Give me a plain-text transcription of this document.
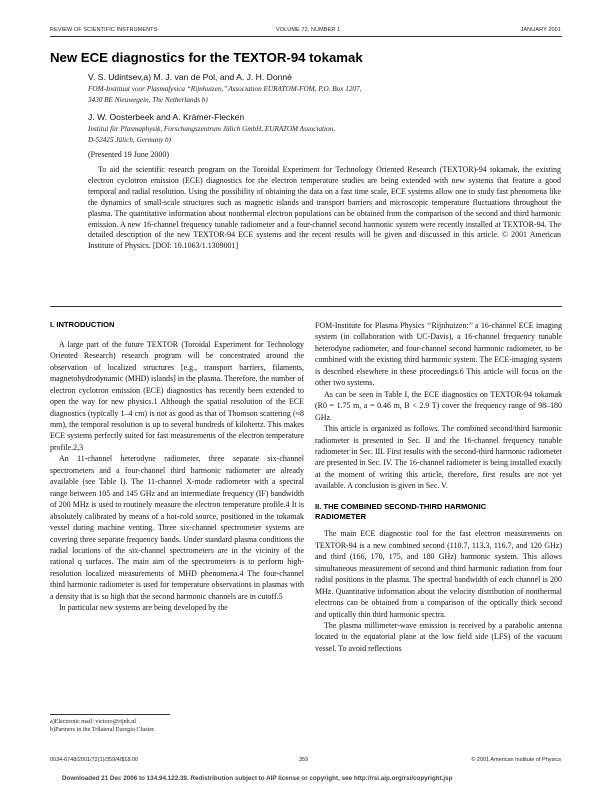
REVIEW OF SCIENTIFIC INSTRUMENTS	VOLUME 72, NUMBER 1	JANUARY 2001
New ECE diagnostics for the TEXTOR-94 tokamak
V. S. Udintsev,a) M. J. van de Pol, and A. J. H. Donné
FOM-Instituut voor Plasmafysica ‘‘Rijnhuizen,’’ Association EURATOM-FOM, P.O. Box 1207,
3430 BE Nieuwegein, The Netherlands b)
J. W. Oosterbeek and A. Krämer-Flecken
Institut für Plasmaphysik, Forschungszentrum Jülich GmbH, EURATOM Association,
D-52425 Jülich, Germany b)
(Presented 19 June 2000)
To aid the scientific research program on the Toroidal Experiment for Technology Oriented Research (TEXTOR)-94 tokamak, the existing electron cyclotron emission (ECE) diagnostics for the electron temperature studies are being extended with new systems that feature a good temporal and radial resolution. Using the possibility of obtaining the data on a fast time scale, ECE systems allow one to study fast phenomena like the dynamics of small-scale structures such as magnetic islands and transport barriers and microscopic temperature fluctuations throughout the plasma. The quantitative information about nonthermal electron populations can be obtained from the comparison of the second and third harmonic emission. A new 16-channel frequency tunable radiometer and a four-channel second harmonic system were recently installed at TEXTOR-94. The detailed description of the new TEXTOR-94 ECE systems and the recent results will be given and discussed in this article. © 2001 American Institute of Physics. [DOI: 10.1063/1.1309001]
I. INTRODUCTION

A large part of the future TEXTOR (Toroidal Experiment for Technology Oriented Research) research program will be concentrated around the observation of localized structures [e.g., transport barriers, filaments, magnetohydrodynamic (MHD) islands] in the plasma. Therefore, the number of electron cyclotron emission (ECE) diagnostics has recently been extended to open the way for new physics.1 Although the spatial resolution of the ECE diagnostics (typically 1–4 cm) is not as good as that of Thomson scattering (≈8 mm), the temporal resolution is up to several hundreds of kilohertz. This makes ECE systems perfectly suited for fast measurements of the electron temperature profile.2,3

An 11-channel heterodyne radiometer, three separate six-channel spectrometers and a four-channel third harmonic radiometer are already available (see Table I). The 11-channel X-mode radiometer with a spectral range between 105 and 145 GHz and an intermediate frequency (IF) bandwidth of 200 MHz is used to routinely measure the electron temperature profile.4 It is absolutely calibrated by means of a hot-cold source, positioned in the tokamak vessel during machine venting. Three six-channel spectrometer systems are covering three separate frequency bands. Under standard plasma conditions the radial locations of the six-channel spectrometers are in the vicinity of the rational q surfaces. The main aim of the spectrometers is to perform high-resolution localized measurements of MHD phenomena.4 The four-channel third harmonic radiometer is used for temperature observations in plasmas with a density that is so high that the second harmonic channels are in cutoff.5

In particular new systems are being developed by the

a)Electronic mail: victoro@rijnh.nl
b)Partners in the Trilateral Euregio Cluster.

FOM-Institute for Plasma Physics ‘‘Rijnhuizen:’’ a 16-channel ECE imaging system (in collaboration with UC-Davis), a 16-channel frequency tunable heterodyne radiometer, and four-channel second harmonic radiometer, to be combined with the existing third harmonic system. The ECE-imaging system is described elsewhere in these proceedings.6 This article will focus on the other two systems.

As can be seen in Table I, the ECE diagnostics on TEXTOR-94 tokamak (R0 = 1.75 m, a = 0.46 m, B < 2.9 T) cover the frequency range of 98–180 GHz.

This article is organized as follows. The combined second/third harmonic radiometer is presented in Sec. II and the 16-channel frequency tunable radiometer in Sec. III. First results with the second-third harmonic radiometer are presented in Sec. IV. The 16-channel radiometer is being installed exactly at the moment of writing this article, therefore, first results are not yet available. A conclusion is given in Sec. V.

II. THE COMBINED SECOND-THIRD HARMONIC
RADIOMETER

The main ECE diagnostic tool for the fast electron measurements on TEXTOR-94 is a new combined second (110.7, 113.3, 116.7, and 120 GHz) and third (166, 170, 175, and 180 GHz) harmonic system. This allows simultaneous measurement of second and third harmonic radiation from four radial positions in the plasma. The spectral bandwidth of each channel is 200 MHz. Quantitative information about the velocity distribution of nonthermal electrons can be obtained from a comparison of the optically thick second and optically thin third harmonic spectra.

The plasma millimeter-wave emission is received by a parabolic antenna located in the equatorial plane at the low field side (LFS) of the vacuum vessel. To avoid reflections

0034-6748/2001/72(1)/359/4/$18.00	359	© 2001 American Institute of Physics
Downloaded 21 Dec 2006 to 134.94.122.39. Redistribution subject to AIP license or copyright, see http://rsi.aip.org/rsi/copyright.jsp
